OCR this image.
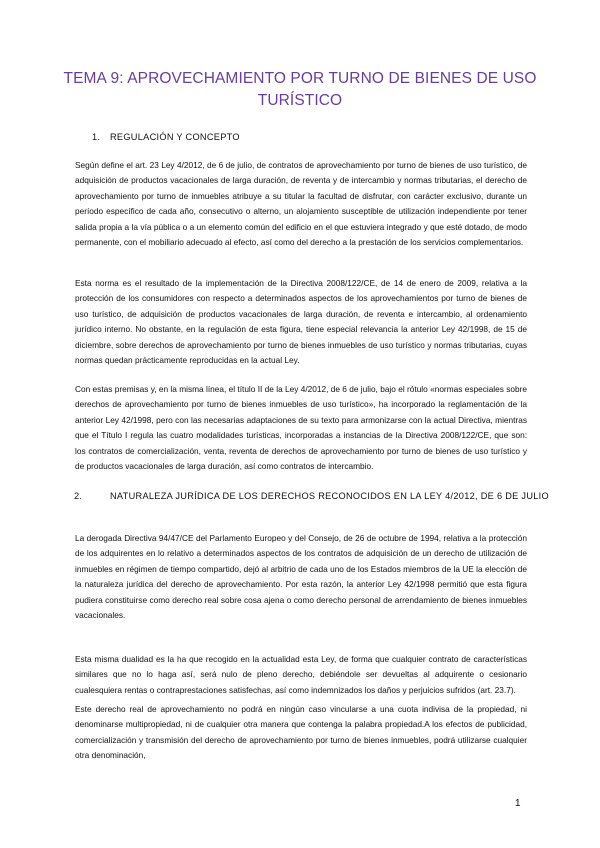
TEMA 9: APROVECHAMIENTO POR TURNO DE BIENES DE USO TURÍSTICO

1. REGULACIÓN Y CONCEPTO

Según define el art. 23 Ley 4/2012, de 6 de julio, de contratos de aprovechamiento por turno de bienes de uso turístico, de adquisición de productos vacacionales de larga duración, de reventa y de intercambio y normas tributarias, el derecho de aprovechamiento por turno de inmuebles atribuye a su titular la facultad de disfrutar, con carácter exclusivo, durante un período específico de cada año, consecutivo o alterno, un alojamiento susceptible de utilización independiente por tener salida propia a la vía pública o a un elemento común del edificio en el que estuviera integrado y que esté dotado, de modo permanente, con el mobiliario adecuado al efecto, así como del derecho a la prestación de los servicios complementarios.

Esta norma es el resultado de la implementación de la Directiva 2008/122/CE, de 14 de enero de 2009, relativa a la protección de los consumidores con respecto a determinados aspectos de los aprovechamientos por turno de bienes de uso turístico, de adquisición de productos vacacionales de larga duración, de reventa e intercambio, al ordenamiento jurídico interno. No obstante, en la regulación de esta figura, tiene especial relevancia la anterior Ley 42/1998, de 15 de diciembre, sobre derechos de aprovechamiento por turno de bienes inmuebles de uso turístico y normas tributarias, cuyas normas quedan prácticamente reproducidas en la actual Ley.

Con estas premisas y, en la misma línea, el título II de la Ley 4/2012, de 6 de julio, bajo el rótulo «normas especiales sobre derechos de aprovechamiento por turno de bienes inmuebles de uso turístico», ha incorporado la reglamentación de la anterior Ley 42/1998, pero con las necesarias adaptaciones de su texto para armonizarse con la actual Directiva, mientras que el Título I regula las cuatro modalidades turísticas, incorporadas a instancias de la Directiva 2008/122/CE, que son: los contratos de comercialización, venta, reventa de derechos de aprovechamiento por turno de bienes de uso turístico y de productos vacacionales de larga duración, así como contratos de intercambio.

2.	NATURALEZA JURÍDICA DE LOS DERECHOS RECONOCIDOS EN LA LEY 4/2012, DE 6 DE JULIO

La derogada Directiva 94/47/CE del Parlamento Europeo y del Consejo, de 26 de octubre de 1994, relativa a la protección de los adquirentes en lo relativo a determinados aspectos de los contratos de adquisición de un derecho de utilización de inmuebles en régimen de tiempo compartido, dejó al arbitrio de cada uno de los Estados miembros de la UE la elección de la naturaleza jurídica del derecho de aprovechamiento. Por esta razón, la anterior Ley 42/1998 permitió que esta figura pudiera constituirse como derecho real sobre cosa ajena o como derecho personal de arrendamiento de bienes inmuebles vacacionales.

Esta misma dualidad es la ha que recogido en la actualidad esta Ley, de forma que cualquier contrato de características similares que no lo haga así, será nulo de pleno derecho, debiéndole ser devueltas al adquirente o cesionario cualesquiera rentas o contraprestaciones satisfechas, así como indemnizados los daños y perjuicios sufridos (art. 23.7).

Este derecho real de aprovechamiento no podrá en ningún caso vincularse a una cuota indivisa de la propiedad, ni denominarse multipropiedad, ni de cualquier otra manera que contenga la palabra propiedad.A los efectos de publicidad, comercialización y transmisión del derecho de aprovechamiento por turno de bienes inmuebles, podrá utilizarse cualquier otra denominación,

1
